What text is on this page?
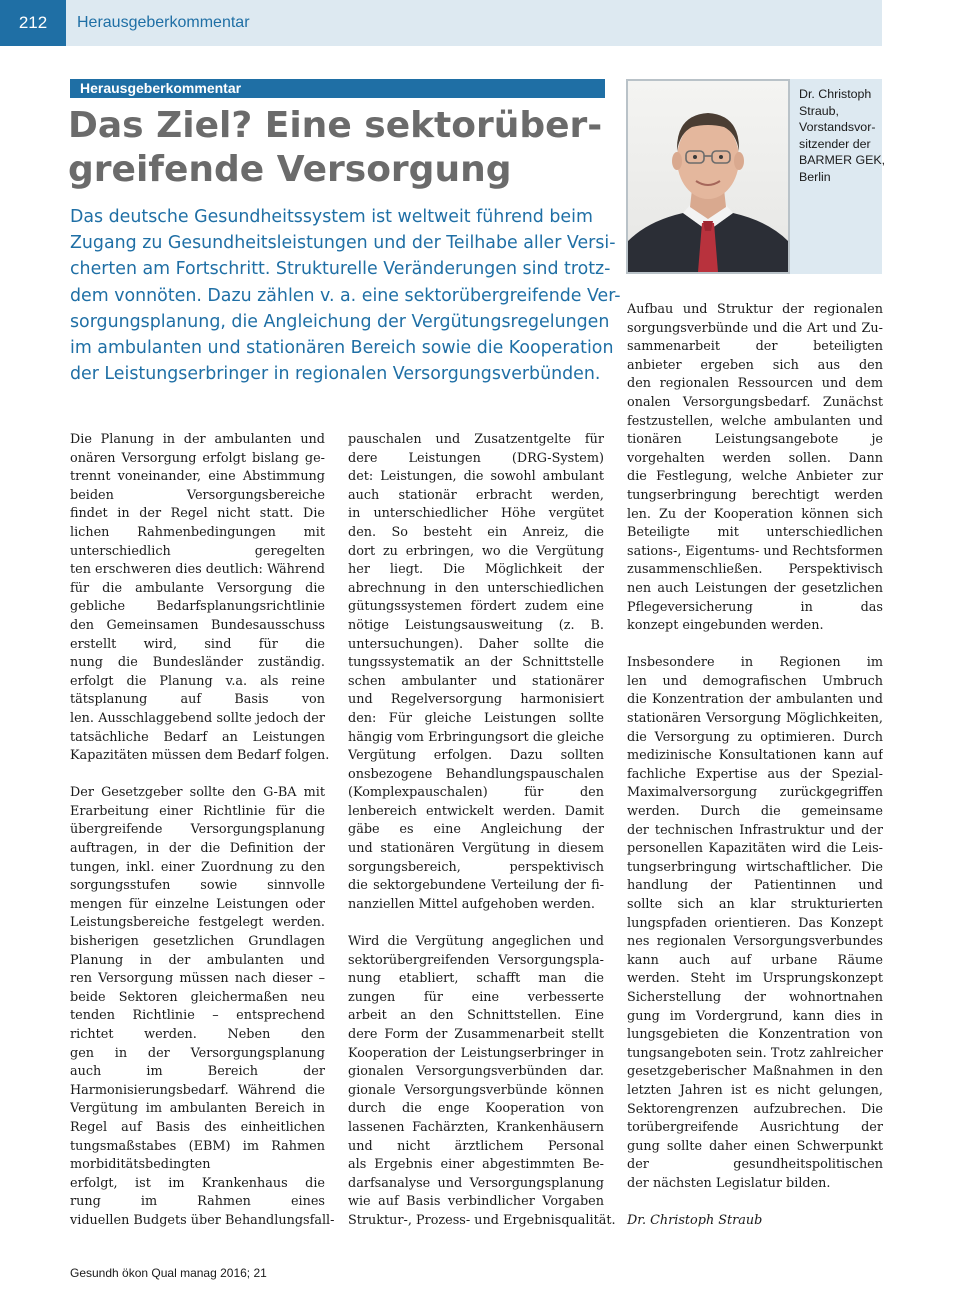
212	Herausgeberkommentar
Herausgeberkommentar
Das Ziel? Eine sektorüber-
greifende Versorgung
Das deutsche Gesundheitssystem ist weltweit führend beim
Zugang zu Gesundheitsleistungen und der Teilhabe aller Versi-
cherten am Fortschritt. Strukturelle Veränderungen sind trotz-
dem vonnöten. Dazu zählen v. a. eine sektorübergreifende Ver-
sorgungsplanung, die Angleichung der Vergütungsregelungen
im ambulanten und stationären Bereich sowie die Kooperation
der Leistungserbringer in regionalen Versorgungsverbünden.
Dr. Christoph
Straub,
Vorstandsvor-
sitzender der
BARMER GEK,
Berlin
Die Planung in der ambulanten und
onären Versorgung erfolgt bislang ge-
trennt voneinander, eine Abstimmung
beiden Versorgungsbereiche
findet in der Regel nicht statt. Die
lichen Rahmenbedingungen mit
unterschiedlich geregelten
ten erschweren dies deutlich: Während
für die ambulante Versorgung die
gebliche Bedarfsplanungsrichtlinie
den Gemeinsamen Bundesausschuss
erstellt wird, sind für die
nung die Bundesländer zuständig.
erfolgt die Planung v.a. als reine
tätsplanung auf Basis von
len. Ausschlaggebend sollte jedoch der
tatsächliche Bedarf an Leistungen
Kapazitäten müssen dem Bedarf folgen.
Der Gesetzgeber sollte den G-BA mit
Erarbeitung einer Richtlinie für die
übergreifende Versorgungsplanung
auftragen, in der die Definition der
tungen, inkl. einer Zuordnung zu den
sorgungsstufen sowie sinnvolle
mengen für einzelne Leistungen oder
Leistungsbereiche festgelegt werden.
bisherigen gesetzlichen Grundlagen
Planung in der ambulanten und
ren Versorgung müssen nach dieser –
beide Sektoren gleichermaßen neu
tenden Richtlinie – entsprechend
richtet werden. Neben den
gen in der Versorgungsplanung
auch im Bereich der
Harmonisierungsbedarf. Während die
Vergütung im ambulanten Bereich in
Regel auf Basis des einheitlichen
tungsmaßstabes (EBM) im Rahmen
morbiditätsbedingten
erfolgt, ist im Krankenhaus die
rung im Rahmen eines
viduellen Budgets über Behandlungsfall-
pauschalen und Zusatzentgelte für
dere Leistungen (DRG-System)
det: Leistungen, die sowohl ambulant
auch stationär erbracht werden,
in unterschiedlicher Höhe vergütet
den. So besteht ein Anreiz, die
dort zu erbringen, wo die Vergütung
her liegt. Die Möglichkeit der
abrechnung in den unterschiedlichen
gütungssystemen fördert zudem eine
nötige Leistungsausweitung (z. B.
untersuchungen). Daher sollte die
tungssystematik an der Schnittstelle
schen ambulanter und stationärer
und Regelversorgung harmonisiert
den: Für gleiche Leistungen sollte
hängig vom Erbringungsort die gleiche
Vergütung erfolgen. Dazu sollten
onsbezogene Behandlungspauschalen
(Komplexpauschalen) für den
lenbereich entwickelt werden. Damit
gäbe es eine Angleichung der
und stationären Vergütung in diesem
sorgungsbereich, perspektivisch
die sektorgebundene Verteilung der fi-
nanziellen Mittel aufgehoben werden.
Wird die Vergütung angeglichen und
sektorübergreifenden Versorgungspla-
nung etabliert, schafft man die
zungen für eine verbesserte
arbeit an den Schnittstellen. Eine
dere Form der Zusammenarbeit stellt
Kooperation der Leistungserbringer in
gionalen Versorgungsverbünden dar.
gionale Versorgungsverbünde können
durch die enge Kooperation von
lassenen Fachärzten, Krankenhäusern
und nicht ärztlichem Personal
als Ergebnis einer abgestimmten Be-
darfsanalyse und Versorgungsplanung
wie auf Basis verbindlicher Vorgaben
Struktur-, Prozess- und Ergebnisqualität.
Aufbau und Struktur der regionalen
sorgungsverbünde und die Art und Zu-
sammenarbeit der beteiligten
anbieter ergeben sich aus den
den regionalen Ressourcen und dem
onalen Versorgungsbedarf. Zunächst
festzustellen, welche ambulanten und
tionären Leistungsangebote je
vorgehalten werden sollen. Dann
die Festlegung, welche Anbieter zur
tungserbringung berechtigt werden
len. Zu der Kooperation können sich
Beteiligte mit unterschiedlichen
sations-, Eigentums- und Rechtsformen
zusammenschließen. Perspektivisch
nen auch Leistungen der gesetzlichen
Pflegeversicherung in das
konzept eingebunden werden.
Insbesondere in Regionen im
len und demografischen Umbruch
die Konzentration der ambulanten und
stationären Versorgung Möglichkeiten,
die Versorgung zu optimieren. Durch
medizinische Konsultationen kann auf
fachliche Expertise aus der Spezial-
Maximalversorgung zurückgegriffen
werden. Durch die gemeinsame
der technischen Infrastruktur und der
personellen Kapazitäten wird die Leis-
tungserbringung wirtschaftlicher. Die
handlung der Patientinnen und
sollte sich an klar strukturierten
lungspfaden orientieren. Das Konzept
nes regionalen Versorgungsverbundes
kann auch auf urbane Räume
werden. Steht im Ursprungskonzept
Sicherstellung der wohnortnahen
gung im Vordergrund, kann dies in
lungsgebieten die Konzentration von
tungsangeboten sein. Trotz zahlreicher
gesetzgeberischer Maßnahmen in den
letzten Jahren ist es nicht gelungen,
Sektorengrenzen aufzubrechen. Die
torübergreifende Ausrichtung der
gung sollte daher einen Schwerpunkt
der gesundheitspolitischen
der nächsten Legislatur bilden.
Dr. Christoph Straub
Gesundh ökon Qual manag 2016; 21
